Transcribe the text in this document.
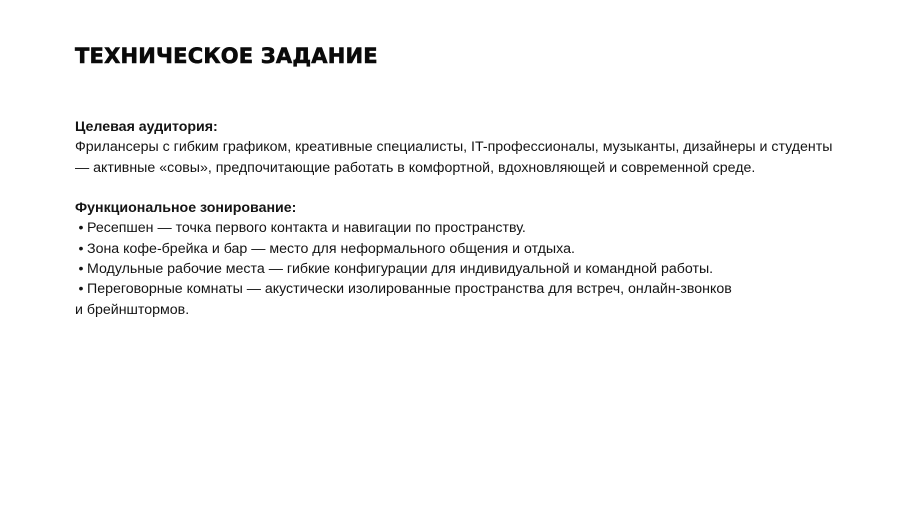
ТЕХНИЧЕСКОЕ ЗАДАНИЕ
Целевая аудитория:
Фрилансеры с гибким графиком, креативные специалисты, IT-профессионалы, музыканты, дизайнеры и студенты
— активные «совы», предпочитающие работать в комфортной, вдохновляющей и современной среде.
Функциональное зонирование:
• Ресепшен — точка первого контакта и навигации по пространству.
• Зона кофе-брейка и бар — место для неформального общения и отдыха.
• Модульные рабочие места — гибкие конфигурации для индивидуальной и командной работы.
• Переговорные комнаты — акустически изолированные пространства для встреч, онлайн-звонков
и брейнштормов.
